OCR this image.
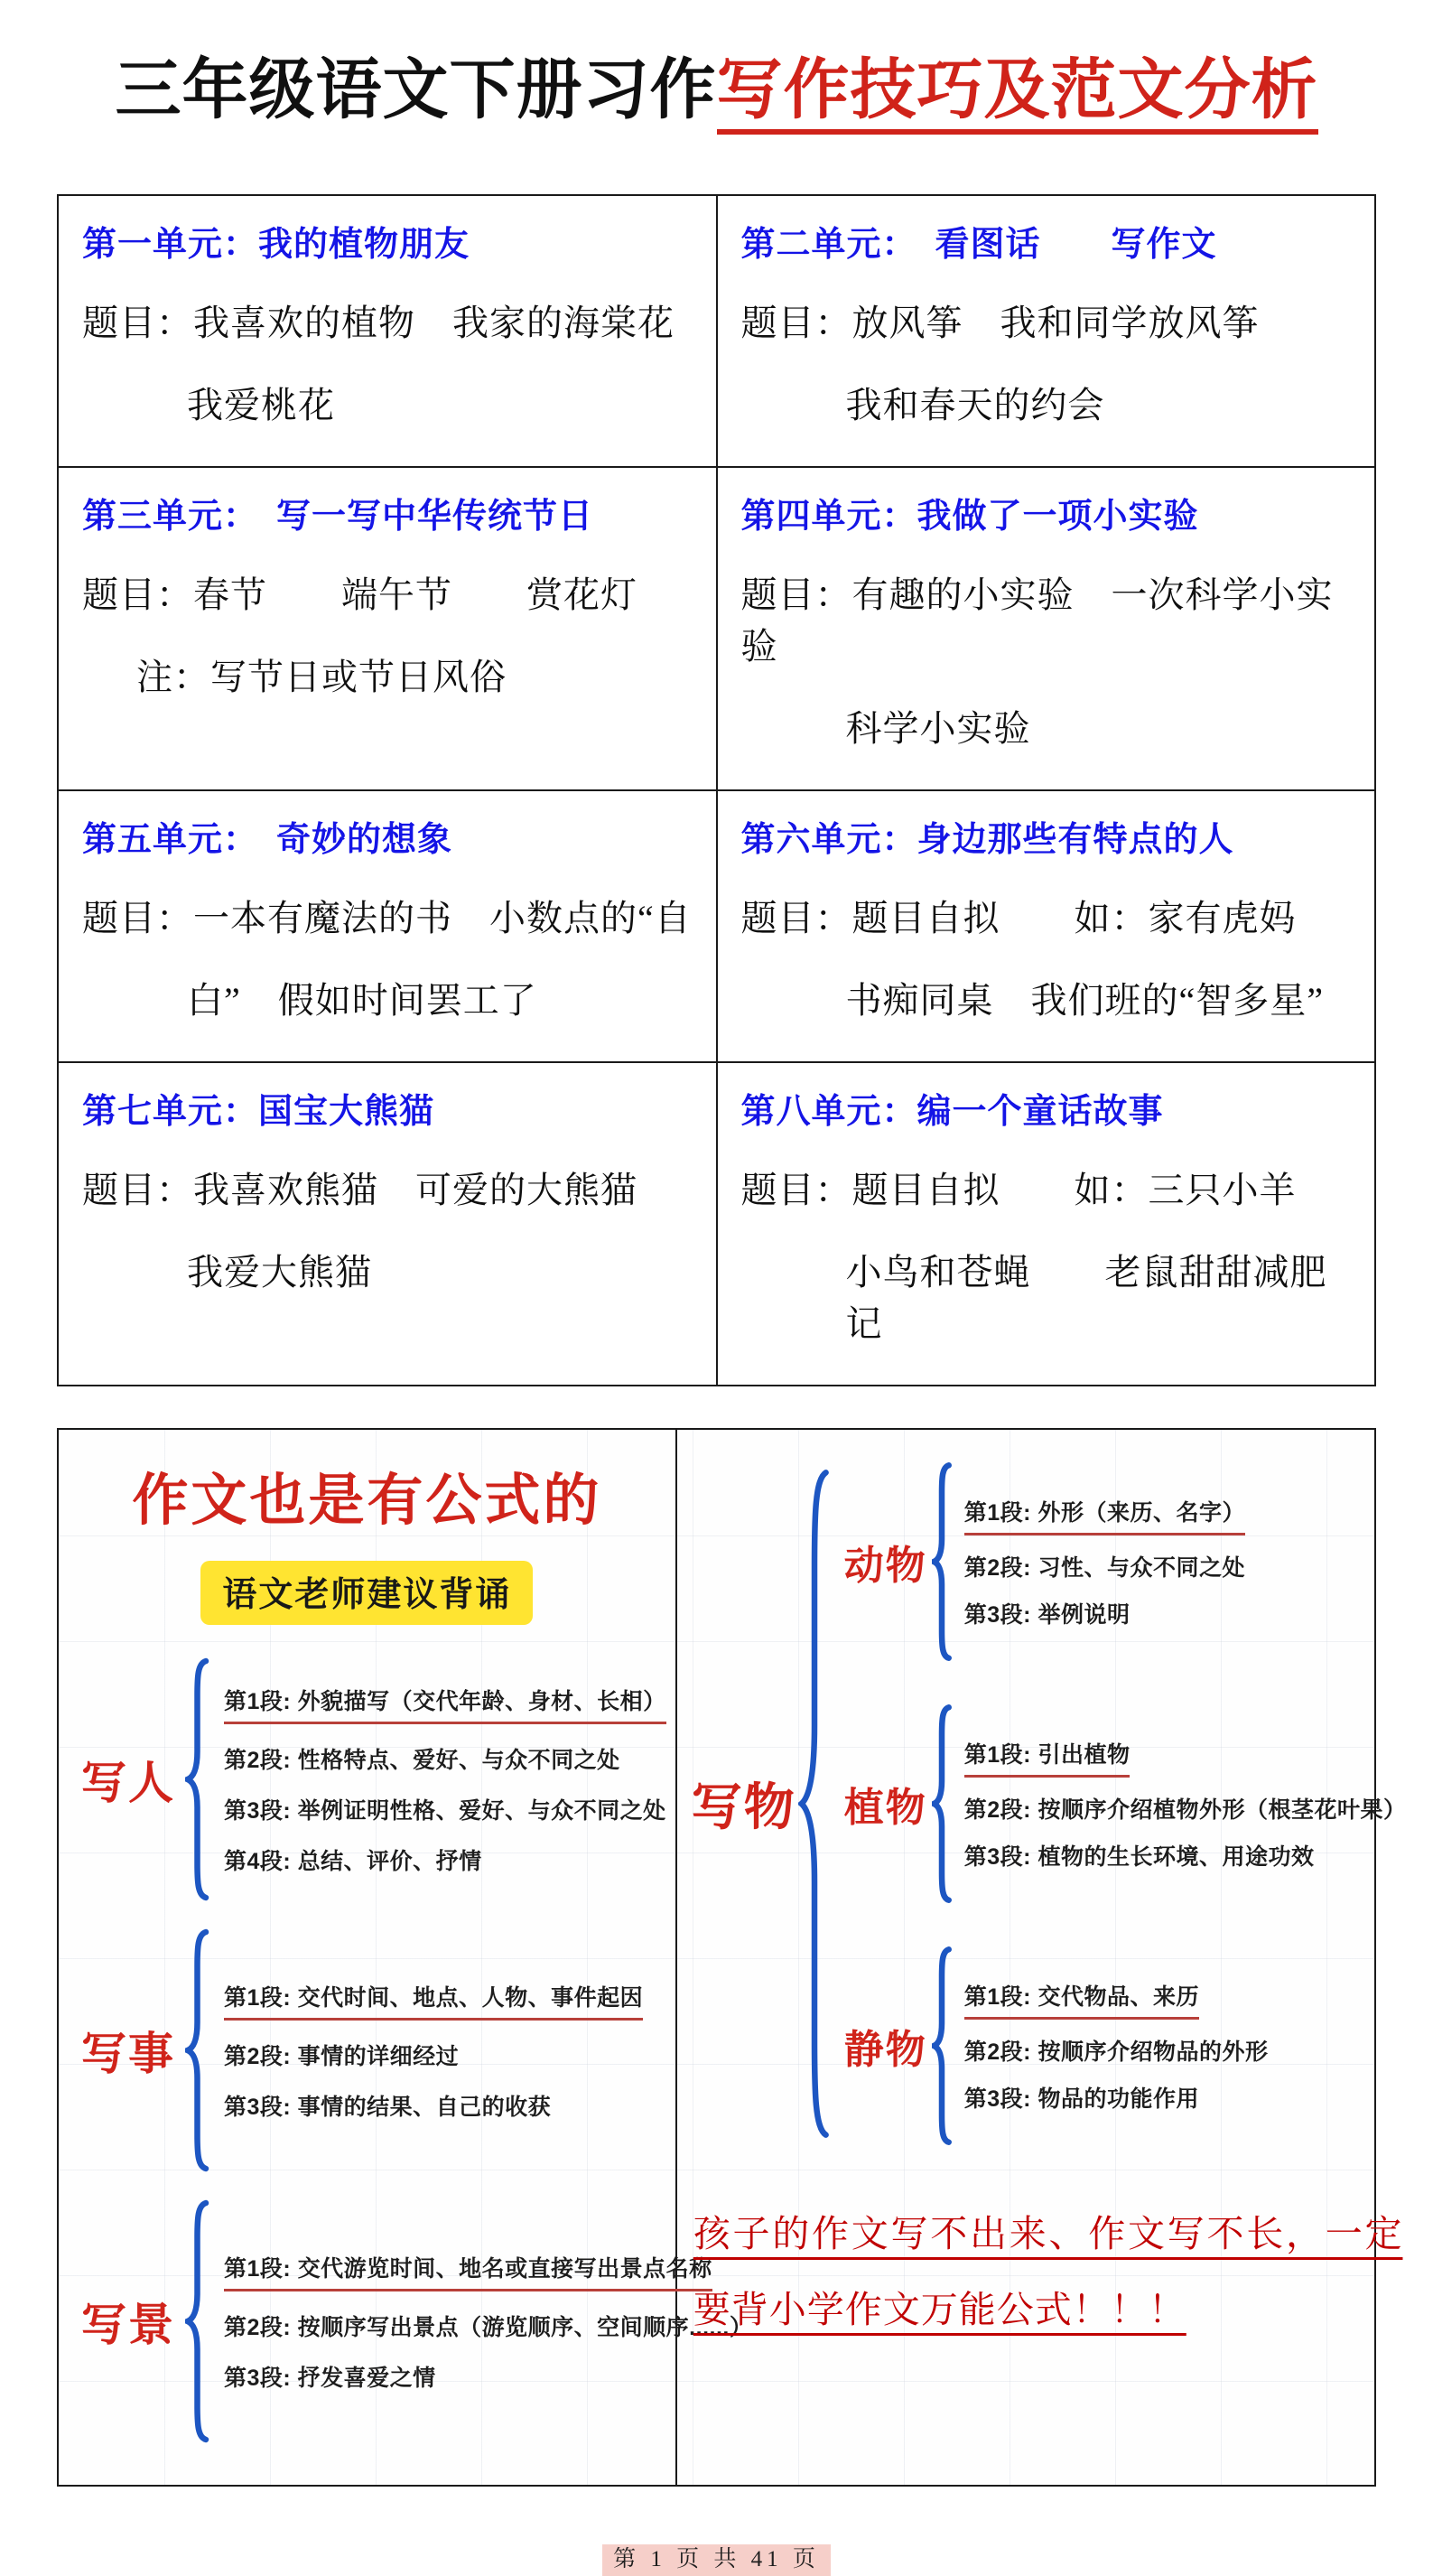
三年级语文下册习作写作技巧及范文分析
第一单元：我的植物朋友
题目：我喜欢的植物　我家的海棠花
我爱桃花

第二单元：　看图话　　写作文
题目：放风筝　我和同学放风筝
我和春天的约会

第三单元：　写一写中华传统节日
题目：春节　　端午节　　赏花灯
注：写节日或节日风俗

第四单元：我做了一项小实验
题目：有趣的小实验　一次科学小实验
科学小实验

第五单元：　奇妙的想象
题目：一本有魔法的书　小数点的“自
白”　假如时间罢工了

第六单元：身边那些有特点的人
题目：题目自拟　　如：家有虎妈
书痴同桌　我们班的“智多星”

第七单元：国宝大熊猫
题目：我喜欢熊猫　可爱的大熊猫
我爱大熊猫

第八单元：编一个童话故事
题目：题目自拟　　如：三只小羊
小鸟和苍蝇　　老鼠甜甜减肥记
作文也是有公式的
语文老师建议背诵
写人
第1段: 外貌描写（交代年龄、身材、长相）
第2段: 性格特点、爱好、与众不同之处
第3段: 举例证明性格、爱好、与众不同之处
第4段: 总结、评价、抒情
写事
第1段: 交代时间、地点、人物、事件起因
第2段: 事情的详细经过
第3段: 事情的结果、自己的收获
写景
第1段: 交代游览时间、地名或直接写出景点名称
第2段: 按顺序写出景点（游览顺序、空间顺序......）
第3段: 抒发喜爱之情
写物
动物
第1段: 外形（来历、名字）
第2段: 习性、与众不同之处
第3段: 举例说明
植物
第1段: 引出植物
第2段: 按顺序介绍植物外形（根茎花叶果）
第3段: 植物的生长环境、用途功效
静物
第1段: 交代物品、来历
第2段: 按顺序介绍物品的外形
第3段: 物品的功能作用

孩子的作文写不出来、作文写不长，一定要背小学作文万能公式！！！

第 1 页 共 41 页
